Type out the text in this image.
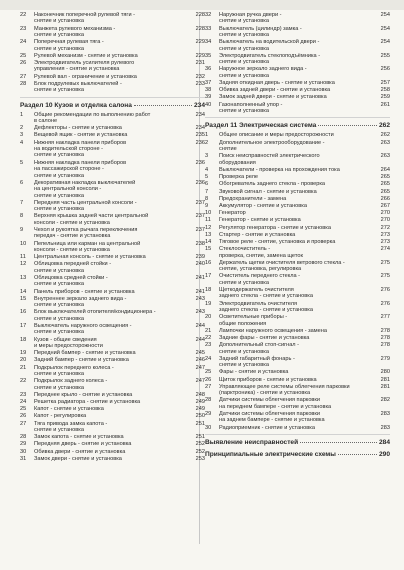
22	Наконечник поперечной рулевой тяги -
снятие и установка
228
23	Манжета рулевого механизма -
снятие и установка
228
24	Поперечная рулевая тяга -
снятие и установка
229
25	Рулевой механизм - снятие и установка	229
26	Электродвигатель усилителя рулевого
управления - снятие и установка
231
27	Рулевой вал - ограничение и установка	232
28	Блок подрулевых выключателей -
снятие и установка
233
Раздел 10 Кузов и отделка салона	234
1	Общие рекомендации по выполнению работ
в салоне
234
2	Дефлекторы - снятие и установка	234
3	Вещевой ящик - снятие и установка	235
4	Нижняя накладка панели приборов
на водительской стороне -
снятие и установка
236
5	Нижняя накладка панели приборов
на пассажирской стороне -
снятие и установка
236
6	Декоративная накладка выключателей
на центральной консоли -
снятие и установка
236
7	Передняя часть центральной консоли -
снятие и установка
237
8	Верхняя крышка задней части центральной
консоли - снятие и установка
237
9	Чехол и рукоятка рычага переключения
передач - снятие и установка
237
10	Пепельница или карман на центральной
консоли - снятие и установка
238
11	Центральная консоль - снятие и установка	239
12	Облицовка передней стойки -
снятие и установка
240
13	Облицовка средней стойки -
снятие и установка
241
14	Панель приборов - снятие и установка	241
15	Внутреннее зеркало заднего вида -
снятие и установка
243
16	Блок выключателей отопителя/кондиционера -
снятие и установка
243
17	Выключатель наружного освещения -
снятие и установка
244
18	Кузов - общие сведения
и меры предосторожности
244
19	Передний бампер - снятие и установка	245
20	Задний бампер - снятие и установка	246
21	Подкрылок переднего колеса -
снятие и установка
247
22	Подкрылок заднего колеса -
снятие и установка
247
23	Переднее крыло - снятие и установка	248
24	Решетка радиатора - снятие и установка	249
25	Капот - снятие и установка	249
26	Капот - регулировка	250
27	Тяга привода замка капота -
снятие и установка
251
28	Замок капота - снятие и установка	251
29	Передняя дверь - снятие и установка	252
30	Обивка двери - снятие и установка	252
31	Замок двери - снятие и установка	253
32	Наружная ручка двери -
снятие и установка
254
33	Выключатель (цилиндр) замка -
снятие и установка
254
34	Выключатель на водительской двери -
снятие и установка
254
35	Электродвигатель стеклоподъёмника -
снятие и установка
255
36	Наружное зеркало заднего вида -
снятие и установка
256
37	Задняя откидная дверь - снятие и установка	257
38	Обивка задней двери - снятие и установка	258
39	Замок задней двери - снятие и установка	259
40	Газонаполненный упор -
снятие и установка
261
Раздел 11 Электрическая система	262
1	Общее описание и меры предосторожности	262
2	Дополнительное электрооборудование -
снятие
263
3	Поиск неисправностей электрического
оборудования
263
4	Выключатели - проверка на прохождения тока	264
5	Проверка реле	265
6	Обогреватель заднего стекла - проверка	265
7	Звуковой сигнал - снятие и установка	265
8	Предохранители - замена	266
9	Аккумулятор - снятие и установка	267
10	Генератор	270
11	Генератор - снятие и установка	270
12	Регулятор генератора - снятие и установка	272
13	Стартер - снятие и установка	273
14	Тяговое реле - снятие, установка и проверка	273
15	Стеклоочиститель -
проверка, снятие, замена щеток
274
16	Держатель щетки очистителя ветрового стекла -
снятие, установка, регулировка
275
17	Очиститель переднего стекла -
снятие и установка
275
18	Щеткодержатель очистителя
заднего стекла - снятие и установка
276
19	Электродвигатель очистителя
заднего стекла - снятие и установка
276
20	Осветительные приборы -
общие положения
277
21	Лампочки наружного освещения - замена	278
22	Задние фары - снятие и установка	278
23	Дополнительный стоп-сигнал -
снятие и установка
278
24	Задний габаритный фонарь -
снятие и установка
279
25	Фары - снятие и установка	280
26	Щиток приборов - снятие и установка	281
27	Управляющее реле системы облегчения парковки
(парктроника) - снятие и установка
281
28	Датчики системы облегчения парковки
на переднем бампере - снятие и установка
282
29	Датчики системы облегчения парковки
на заднем бампере - снятие и установка
283
30	Радиоприемник - снятие и установка	283
Выявление неисправностей	284
Принципиальные электрические схемы	290
